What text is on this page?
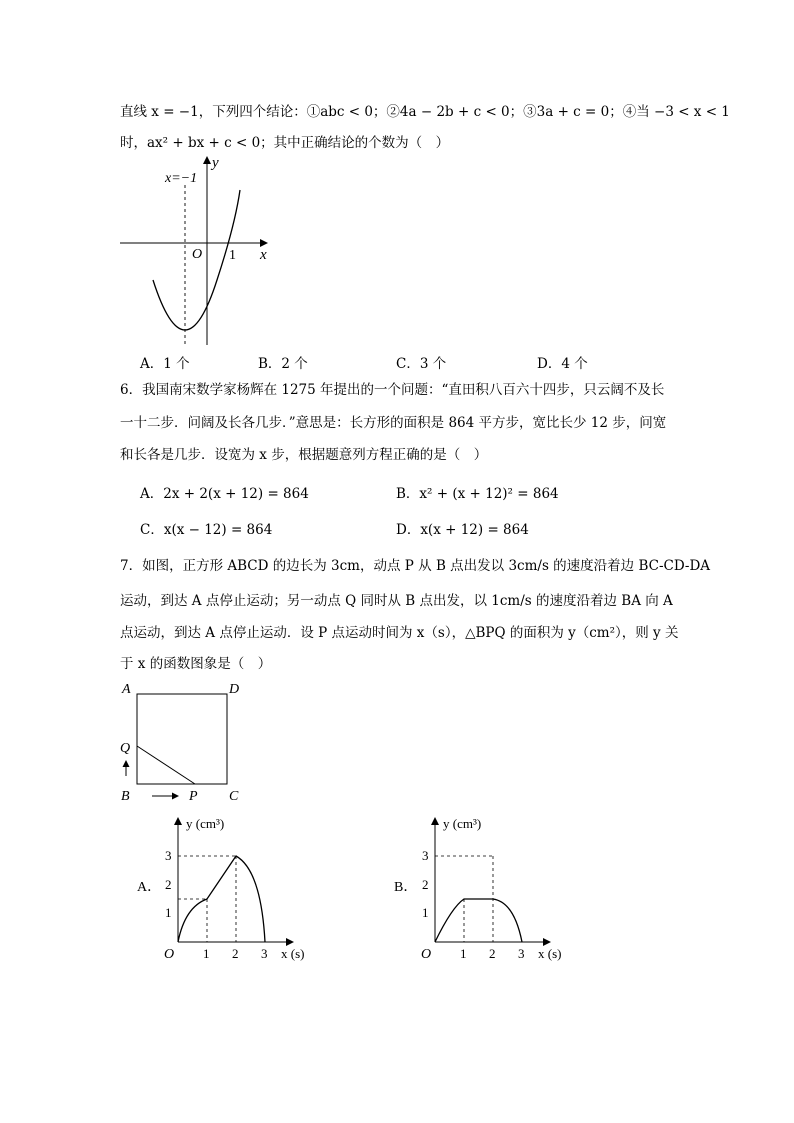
直线 x = −1，下列四个结论：①abc < 0；②4a − 2b + c < 0；③3a + c = 0；④当 −3 < x < 1
时，ax² + bx + c < 0；其中正确结论的个数为（　）
x=−1
y
O 1 x
A．1 个	B．2 个	C．3 个	D．4 个
6．我国南宋数学家杨辉在 1275 年提出的一个问题：“直田积八百六十四步，只云阔不及长
一十二步．问阔及长各几步．”意思是：长方形的面积是 864 平方步，宽比长少 12 步，问宽
和长各是几步．设宽为 x 步，根据题意列方程正确的是（　）
A．2x + 2(x + 12) = 864	B．x² + (x + 12)² = 864
C．x(x − 12) = 864	D．x(x + 12) = 864
7．如图，正方形 ABCD 的边长为 3cm，动点 P 从 B 点出发以 3cm/s 的速度沿着边 BC-CD-DA
运动，到达 A 点停止运动；另一动点 Q 同时从 B 点出发，以 1cm/s 的速度沿着边 BA 向 A
点运动，到达 A 点停止运动．设 P 点运动时间为 x（s），△BPQ 的面积为 y（cm²），则 y 关
于 x 的函数图象是（　）
A	D
Q
B	P C
A．
y (cm³)
O
1
2
3
1 2 3 x (s)
B．
y (cm³)
O
1
2
3
1 2 3 x (s)
